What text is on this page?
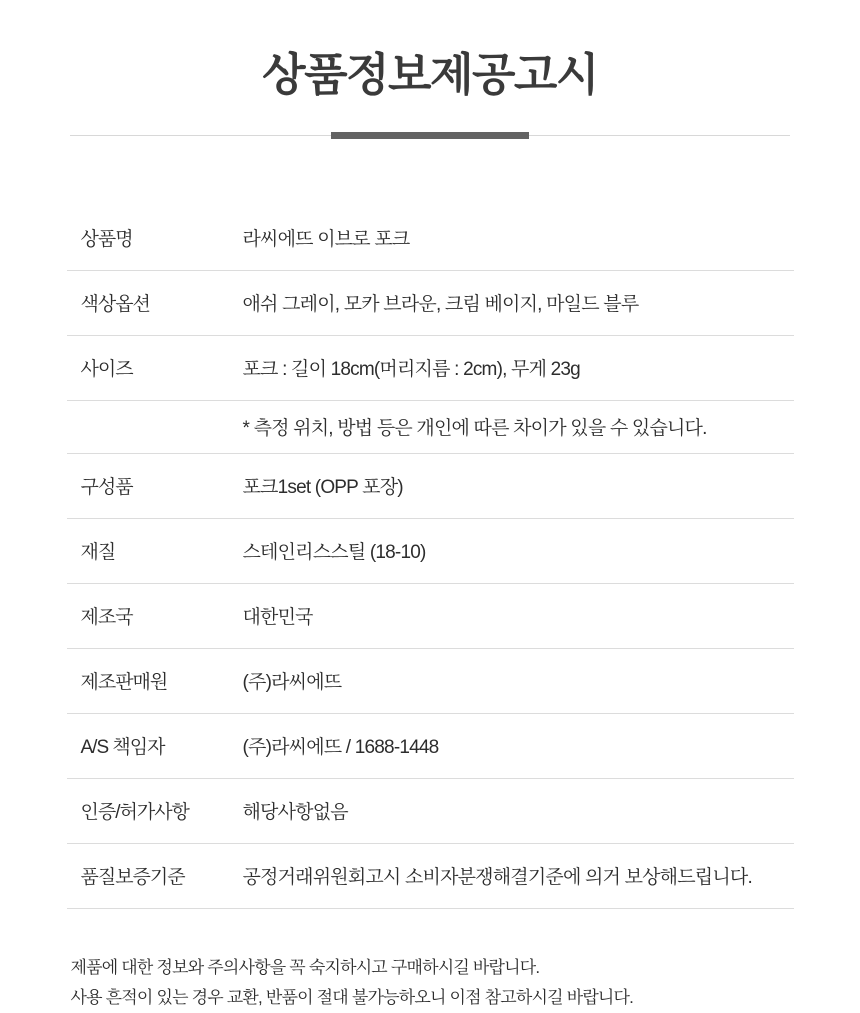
상품정보제공고시
상품명	라씨에뜨 이브로 포크
색상옵션	애쉬 그레이, 모카 브라운, 크림 베이지, 마일드 블루
사이즈	포크 : 길이 18cm(머리지름 : 2cm), 무게 23g
	* 측정 위치, 방법 등은 개인에 따른 차이가 있을 수 있습니다.
구성품	포크1set (OPP 포장)
재질	스테인리스스틸 (18-10)
제조국	대한민국
제조판매원	(주)라씨에뜨
A/S 책임자	(주)라씨에뜨 / 1688-1448
인증/허가사항	해당사항없음
품질보증기준	공정거래위원회고시 소비자분쟁해결기준에 의거 보상해드립니다.
제품에 대한 정보와 주의사항을 꼭 숙지하시고 구매하시길 바랍니다.
사용 흔적이 있는 경우 교환, 반품이 절대 불가능하오니 이점 참고하시길 바랍니다.
